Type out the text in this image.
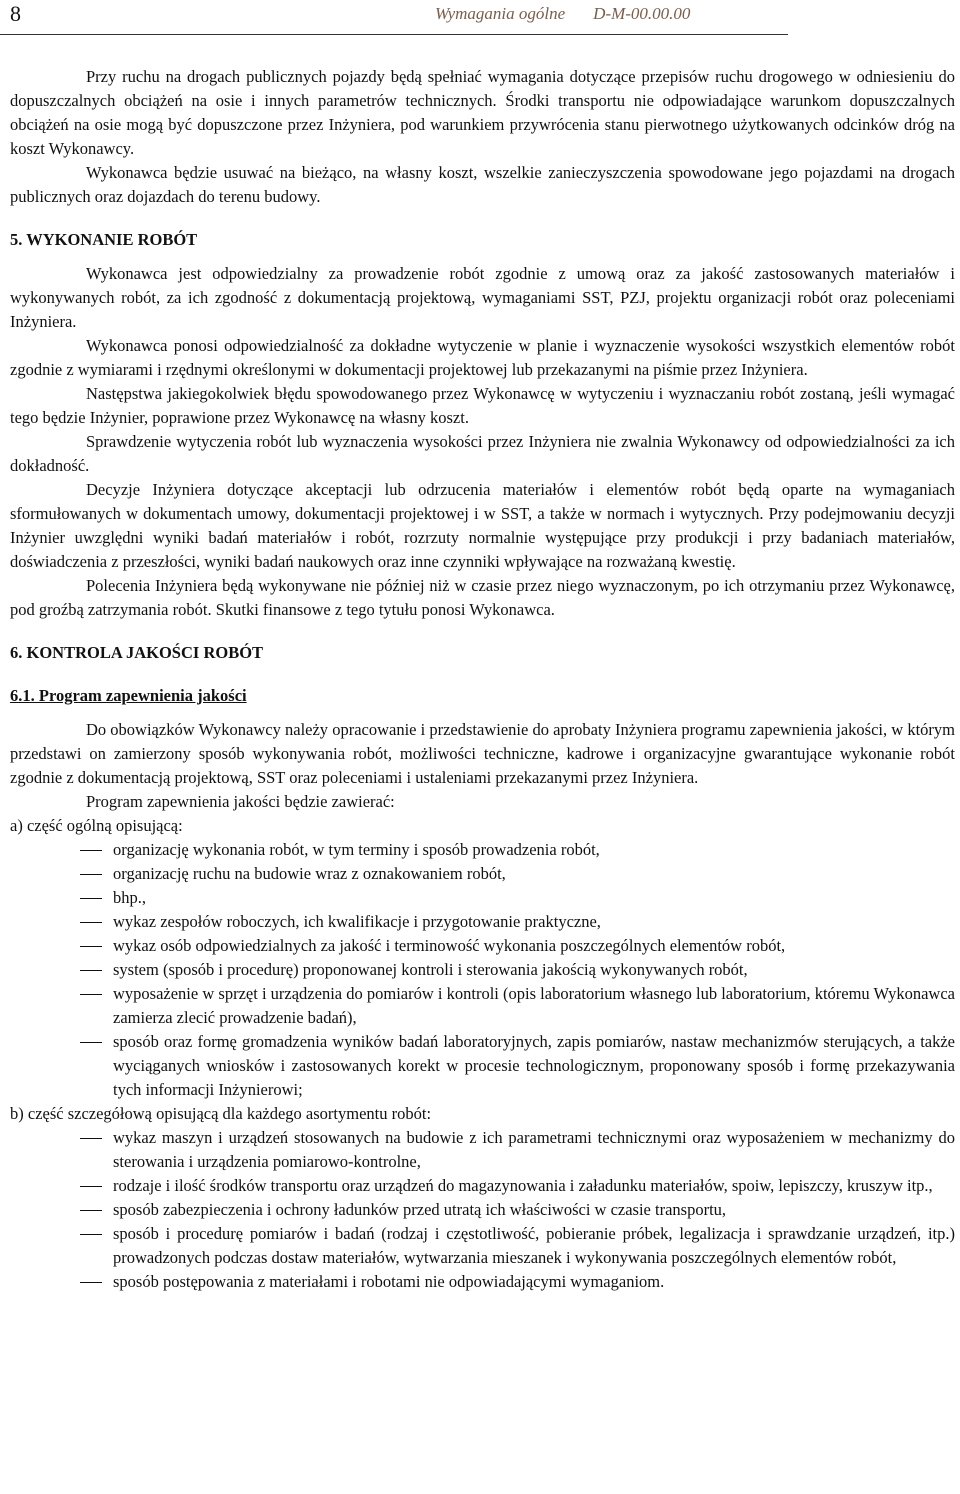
8	Wymagania ogólne D-M-00.00.00

Przy ruchu na drogach publicznych pojazdy będą spełniać wymagania dotyczące przepisów ruchu drogowego w odniesieniu do dopuszczalnych obciążeń na osie i innych parametrów technicznych. Środki transportu nie odpowiadające warunkom dopuszczalnych obciążeń na osie mogą być dopuszczone przez Inżyniera, pod warunkiem przywrócenia stanu pierwotnego użytkowanych odcinków dróg na koszt Wykonawcy.

Wykonawca będzie usuwać na bieżąco, na własny koszt, wszelkie zanieczyszczenia spowodowane jego pojazdami na drogach publicznych oraz dojazdach do terenu budowy.

5. WYKONANIE ROBÓT

Wykonawca jest odpowiedzialny za prowadzenie robót zgodnie z umową oraz za jakość zastosowanych materiałów i wykonywanych robót, za ich zgodność z dokumentacją projektową, wymaganiami SST, PZJ, projektu organizacji robót oraz poleceniami Inżyniera.

Wykonawca ponosi odpowiedzialność za dokładne wytyczenie w planie i wyznaczenie wysokości wszystkich elementów robót zgodnie z wymiarami i rzędnymi określonymi w dokumentacji projektowej lub przekazanymi na piśmie przez Inżyniera.

Następstwa jakiegokolwiek błędu spowodowanego przez Wykonawcę w wytyczeniu i wyznaczaniu robót zostaną, jeśli wymagać tego będzie Inżynier, poprawione przez Wykonawcę na własny koszt.

Sprawdzenie wytyczenia robót lub wyznaczenia wysokości przez Inżyniera nie zwalnia Wykonawcy od odpowiedzialności za ich dokładność.

Decyzje Inżyniera dotyczące akceptacji lub odrzucenia materiałów i elementów robót będą oparte na wymaganiach sformułowanych w dokumentach umowy, dokumentacji projektowej i w SST, a także w normach i wytycznych. Przy podejmowaniu decyzji Inżynier uwzględni wyniki badań materiałów i robót, rozrzuty normalnie występujące przy produkcji i przy badaniach materiałów, doświadczenia z przeszłości, wyniki badań naukowych oraz inne czynniki wpływające na rozważaną kwestię.

Polecenia Inżyniera będą wykonywane nie później niż w czasie przez niego wyznaczonym, po ich otrzymaniu przez Wykonawcę, pod groźbą zatrzymania robót. Skutki finansowe z tego tytułu ponosi Wykonawca.

6. KONTROLA JAKOŚCI ROBÓT

6.1. Program zapewnienia jakości

Do obowiązków Wykonawcy należy opracowanie i przedstawienie do aprobaty Inżyniera programu zapewnienia jakości, w którym przedstawi on zamierzony sposób wykonywania robót, możliwości techniczne, kadrowe i organizacyjne gwarantujące wykonanie robót zgodnie z dokumentacją projektową, SST oraz poleceniami i ustaleniami przekazanymi przez Inżyniera.

Program zapewnienia jakości będzie zawierać:

a) część ogólną opisującą:

organizację wykonania robót, w tym terminy i sposób prowadzenia robót,
organizację ruchu na budowie wraz z oznakowaniem robót,
bhp.,
wykaz zespołów roboczych, ich kwalifikacje i przygotowanie praktyczne,
wykaz osób odpowiedzialnych za jakość i terminowość wykonania poszczególnych elementów robót,
system (sposób i procedurę) proponowanej kontroli i sterowania jakością wykonywanych robót,
wyposażenie w sprzęt i urządzenia do pomiarów i kontroli (opis laboratorium własnego lub laboratorium, któremu Wykonawca zamierza zlecić prowadzenie badań),
sposób oraz formę gromadzenia wyników badań laboratoryjnych, zapis pomiarów, nastaw mechanizmów sterujących, a także wyciąganych wniosków i zastosowanych korekt w procesie technologicznym, proponowany sposób i formę przekazywania tych informacji Inżynierowi;

b) część szczegółową opisującą dla każdego asortymentu robót:

wykaz maszyn i urządzeń stosowanych na budowie z ich parametrami technicznymi oraz wyposażeniem w mechanizmy do sterowania i urządzenia pomiarowo-kontrolne,
rodzaje i ilość środków transportu oraz urządzeń do magazynowania i załadunku materiałów, spoiw, lepiszczy, kruszyw itp.,
sposób zabezpieczenia i ochrony ładunków przed utratą ich właściwości w czasie transportu,
sposób i procedurę pomiarów i badań (rodzaj i częstotliwość, pobieranie próbek, legalizacja i sprawdzanie urządzeń, itp.) prowadzonych podczas dostaw materiałów, wytwarzania mieszanek i wykonywania poszczególnych elementów robót,
sposób postępowania z materiałami i robotami nie odpowiadającymi wymaganiom.
